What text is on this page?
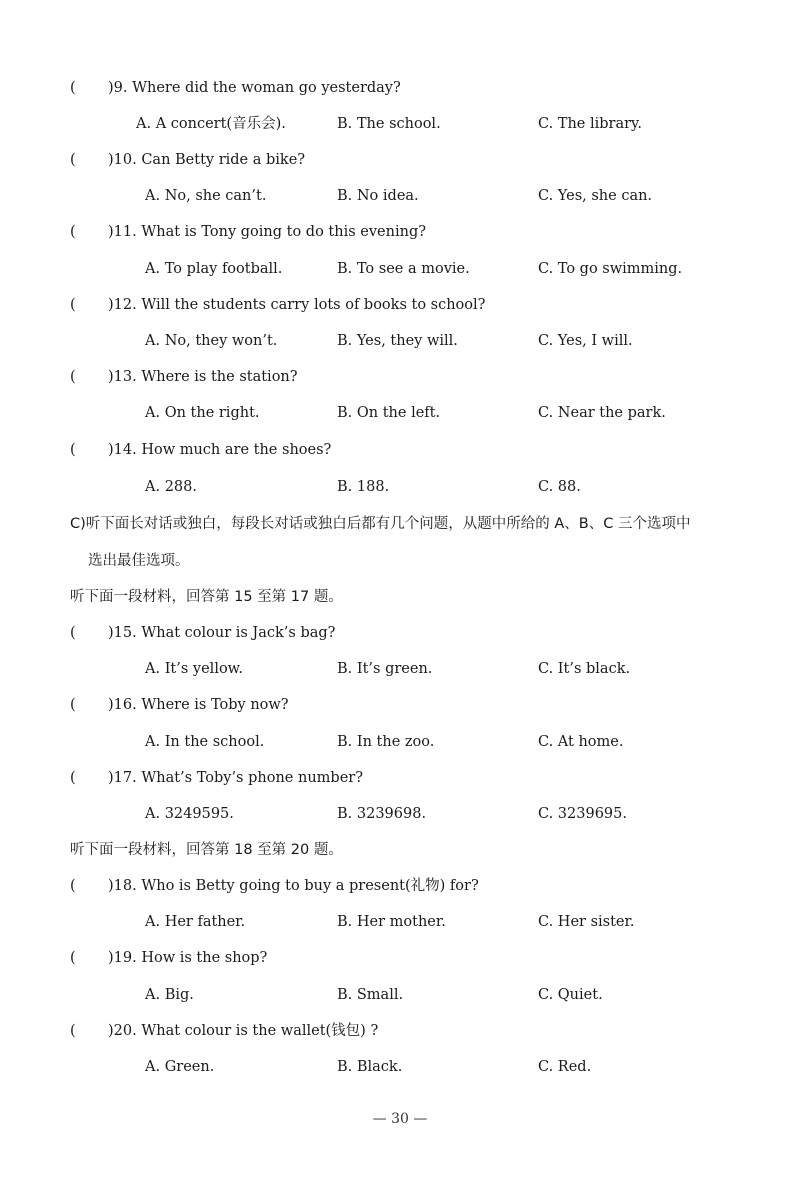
( )9. Where did the woman go yesterday?
A. A concert(音乐会).	B. The school.	C. The library.
( )10. Can Betty ride a bike?
A. No, she can’t.	B. No idea.	C. Yes, she can.
( )11. What is Tony going to do this evening?
A. To play football.	B. To see a movie.	C. To go swimming.
( )12. Will the students carry lots of books to school?
A. No, they won’t.	B. Yes, they will.	C. Yes, I will.
( )13. Where is the station?
A. On the right.	B. On the left.	C. Near the park.
( )14. How much are the shoes?
A. 288.	B. 188.	C. 88.
C)听下面长对话或独白，每段长对话或独白后都有几个问题，从题中所给的 A、B、C 三个选项中
选出最佳选项。
听下面一段材料，回答第 15 至第 17 题。
( )15. What colour is Jack’s bag?
A. It’s yellow.	B. It’s green.	C. It’s black.
( )16. Where is Toby now?
A. In the school.	B. In the zoo.	C. At home.
( )17. What’s Toby’s phone number?
A. 3249595.	B. 3239698.	C. 3239695.
听下面一段材料，回答第 18 至第 20 题。
( )18. Who is Betty going to buy a present(礼物) for?
A. Her father.	B. Her mother.	C. Her sister.
( )19. How is the shop?
A. Big.	B. Small.	C. Quiet.
( )20. What colour is the wallet(钱包) ?
A. Green.	B. Black.	C. Red.
— 30 —
